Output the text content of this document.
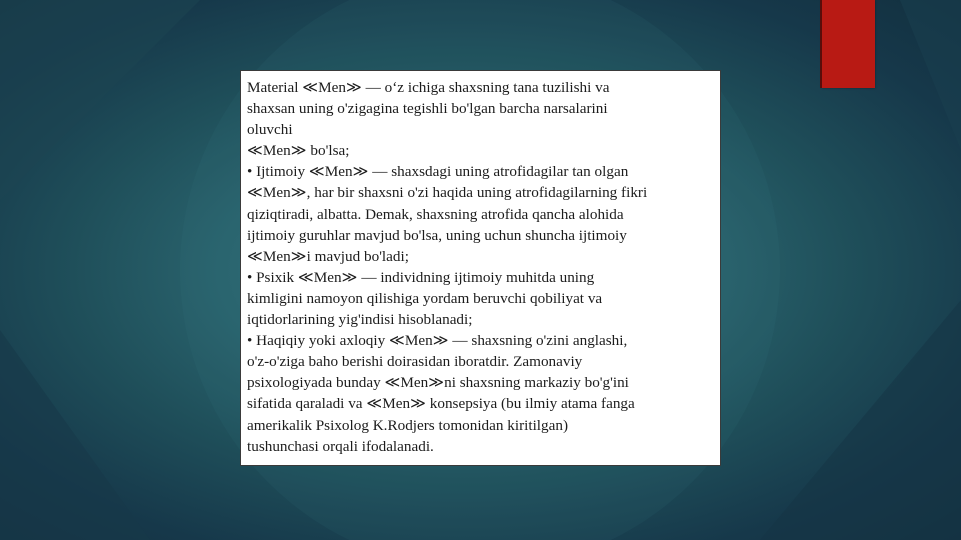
Material ≪Men≫ — o‘z ichiga shaxsning tana tuzilishi va
shaxsan uning o'zigagina tegishli bo'lgan barcha narsalarini
oluvchi
≪Men≫ bo'lsa;
• Ijtimoiy ≪Men≫ — shaxsdagi uning atrofidagilar tan olgan
≪Men≫, har bir shaxsni o'zi haqida uning atrofidagilarning fikri
qiziqtiradi, albatta. Demak, shaxsning atrofida qancha alohida
ijtimoiy guruhlar mavjud bo'lsa, uning uchun shuncha ijtimoiy
≪Men≫i mavjud bo'ladi;
• Psixik ≪Men≫ — individning ijtimoiy muhitda uning
kimligini namoyon qilishiga yordam beruvchi qobiliyat va
iqtidorlarining yig'indisi hisoblanadi;
• Haqiqiy yoki axloqiy ≪Men≫ — shaxsning o'zini anglashi,
o'z-o'ziga baho berishi doirasidan iboratdir. Zamonaviy
psixologiyada bunday ≪Men≫ni shaxsning markaziy bo'g'ini
sifatida qaraladi va ≪Men≫ konsepsiya (bu ilmiy atama fanga
amerikalik Psixolog K.Rodjers tomonidan kiritilgan)
tushunchasi orqali ifodalanadi.
